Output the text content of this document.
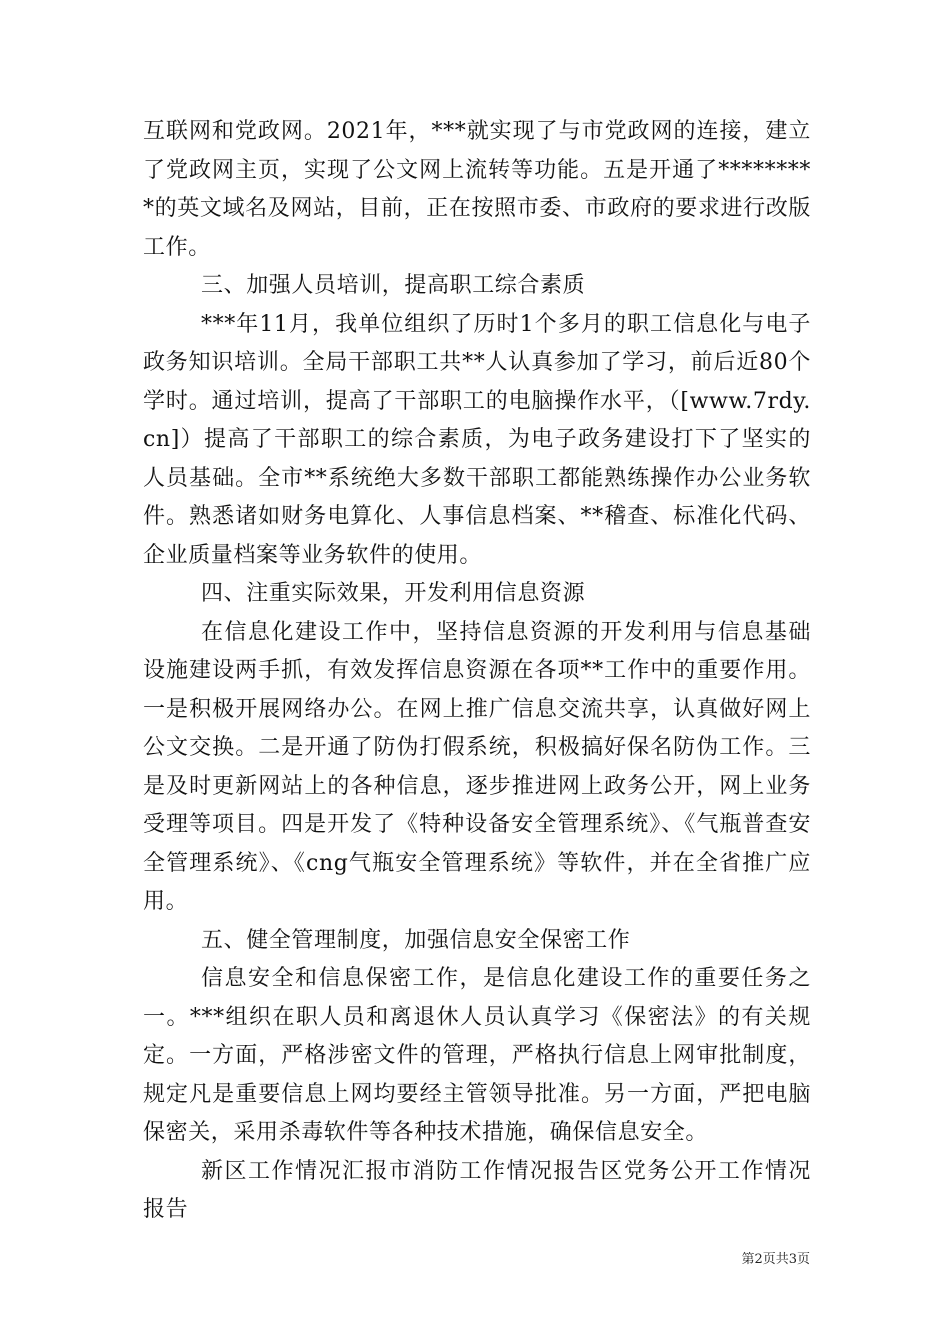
互联网和党政网。2021年，***就实现了与市党政网的连接，建立了党政网主页，实现了公文网上流转等功能。五是开通了*********的英文域名及网站，目前，正在按照市委、市政府的要求进行改版工作。

三、加强人员培训，提高职工综合素质

***年11月，我单位组织了历时1个多月的职工信息化与电子政务知识培训。全局干部职工共**人认真参加了学习，前后近80个学时。通过培训，提高了干部职工的电脑操作水平，（[www.7rdy.cn]）提高了干部职工的综合素质，为电子政务建设打下了坚实的人员基础。全市**系统绝大多数干部职工都能熟练操作办公业务软件。熟悉诸如财务电算化、人事信息档案、**稽查、标准化代码、企业质量档案等业务软件的使用。

四、注重实际效果，开发利用信息资源

在信息化建设工作中，坚持信息资源的开发利用与信息基础设施建设两手抓，有效发挥信息资源在各项**工作中的重要作用。一是积极开展网络办公。在网上推广信息交流共享，认真做好网上公文交换。二是开通了防伪打假系统，积极搞好保名防伪工作。三是及时更新网站上的各种信息，逐步推进网上政务公开，网上业务受理等项目。四是开发了《特种设备安全管理系统》、《气瓶普查安全管理系统》、《cng气瓶安全管理系统》等软件，并在全省推广应用。

五、健全管理制度，加强信息安全保密工作

信息安全和信息保密工作，是信息化建设工作的重要任务之一。***组织在职人员和离退休人员认真学习《保密法》的有关规定。一方面，严格涉密文件的管理，严格执行信息上网审批制度，规定凡是重要信息上网均要经主管领导批准。另一方面，严把电脑保密关，采用杀毒软件等各种技术措施，确保信息安全。

新区工作情况汇报市消防工作情况报告区党务公开工作情况报告

第2页共3页
